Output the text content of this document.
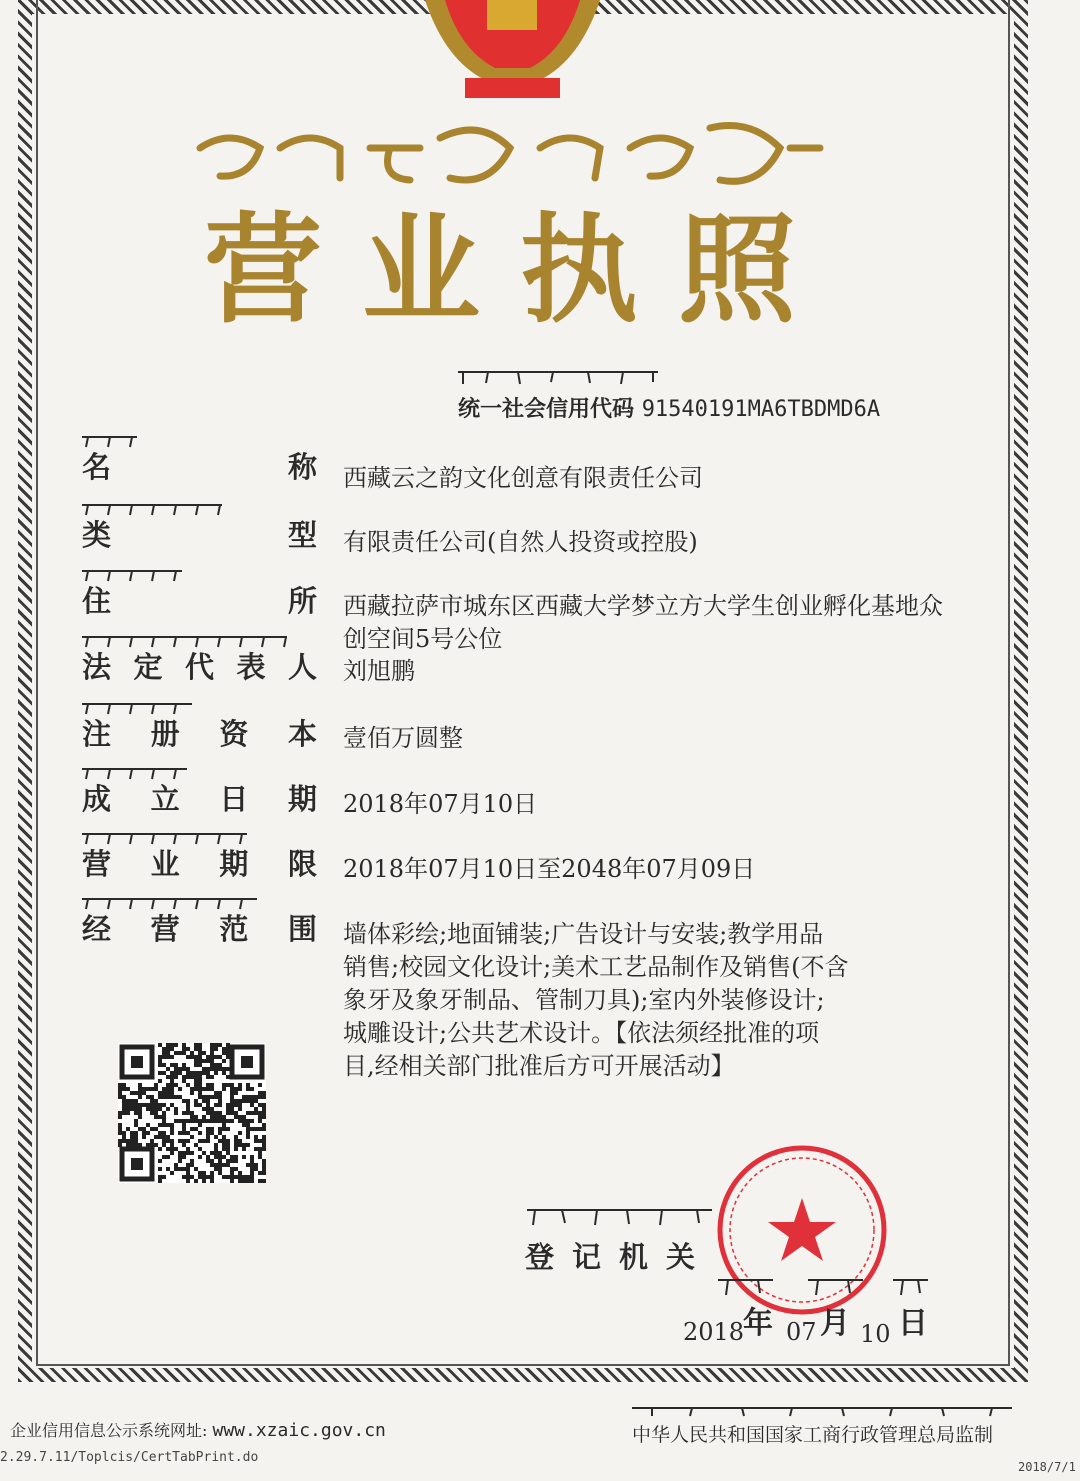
营业执照
统一社会信用代码 91540191MA6TBDMD6A
名	称 西藏云之韵文化创意有限责任公司
类	型 有限责任公司(自然人投资或控股)
住	所 西藏拉萨市城东区西藏大学梦立方大学生创业孵化基地众
创空间5号公位
法 定 代 表 人 刘旭鹏
注 册 资 本 壹佰万圆整
成 立 日 期 2018年07月10日
营 业 期 限 2018年07月10日至2048年07月09日
经 营 范 围 墙体彩绘;地面铺装;广告设计与安装;教学用品
销售;校园文化设计;美术工艺品制作及销售(不含
象牙及象牙制品、管制刀具);室内外装修设计;
城雕设计;公共艺术设计。【依法须经批准的项
目,经相关部门批准后方可开展活动】
登记机关
2018
年 07 月 10 日
企业信用信息公示系统网址: www.xzaic.gov.cn
2.29.7.11/Toplcis/CertTabPrint.do
中华人民共和国国家工商行政管理总局监制
2018/7/1
